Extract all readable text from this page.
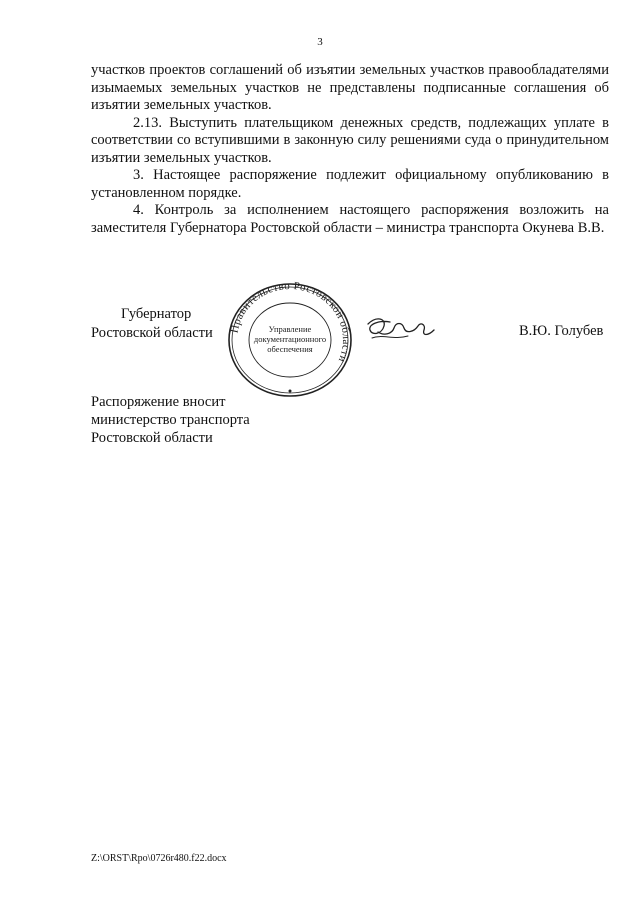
3

участков проектов соглашений об изъятии земельных участков правообладателями изымаемых земельных участков не представлены подписанные соглашения об изъятии земельных участков.

2.13. Выступить плательщиком денежных средств, подлежащих уплате в соответствии со вступившими в законную силу решениями суда о принудительном изъятии земельных участков.

3. Настоящее распоряжение подлежит официальному опубликованию в установленном порядке.

4. Контроль за исполнением настоящего распоряжения возложить на заместителя Губернатора Ростовской области – министра транспорта Окунева В.В.

Губернатор
Ростовской области Правительство Ростовской области
Управление
документационного
обеспечения
В.Ю. Голубев
Распоряжение вносит
министерство транспорта
Ростовской области
Z:\ORST\Rpo\0726r480.f22.docx
